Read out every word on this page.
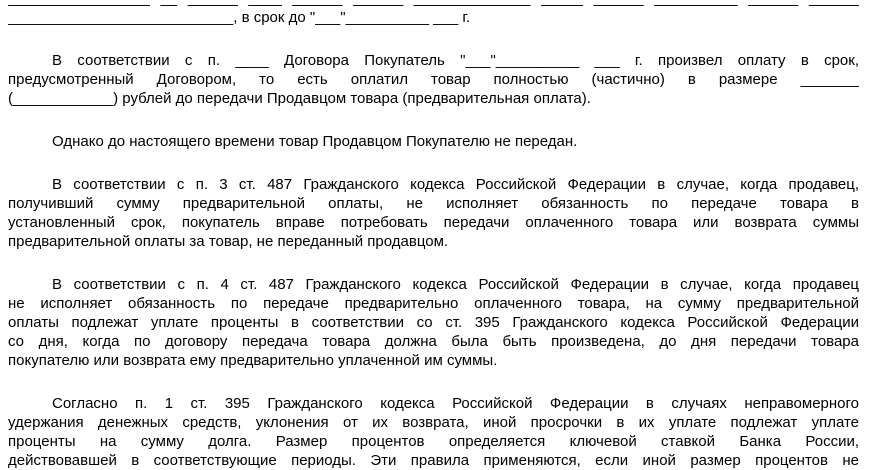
___________________________, в срок до "___"__________ ___ г.
В соответствии с п. ____ Договора Покупатель "___"__________ ___ г. произвел оплату в срок,
предусмотренный Договором, то есть оплатил товар полностью (частично) в размере _______
(____________) рублей до передачи Продавцом товара (предварительная оплата).
Однако до настоящего времени товар Продавцом Покупателю не передан.
В соответствии с п. 3 ст. 487 Гражданского кодекса Российской Федерации в случае, когда продавец,
получивший сумму предварительной оплаты, не исполняет обязанность по передаче товара в
установленный срок, покупатель вправе потребовать передачи оплаченного товара или возврата суммы
предварительной оплаты за товар, не переданный продавцом.
В соответствии с п. 4 ст. 487 Гражданского кодекса Российской Федерации в случае, когда продавец
не исполняет обязанность по передаче предварительно оплаченного товара, на сумму предварительной
оплаты подлежат уплате проценты в соответствии со ст. 395 Гражданского кодекса Российской Федерации
со дня, когда по договору передача товара должна была быть произведена, до дня передачи товара
покупателю или возврата ему предварительно уплаченной им суммы.
Согласно п. 1 ст. 395 Гражданского кодекса Российской Федерации в случаях неправомерного
удержания денежных средств, уклонения от их возврата, иной просрочки в их уплате подлежат уплате
проценты на сумму долга. Размер процентов определяется ключевой ставкой Банка России,
действовавшей в соответствующие периоды. Эти правила применяются, если иной размер процентов не
